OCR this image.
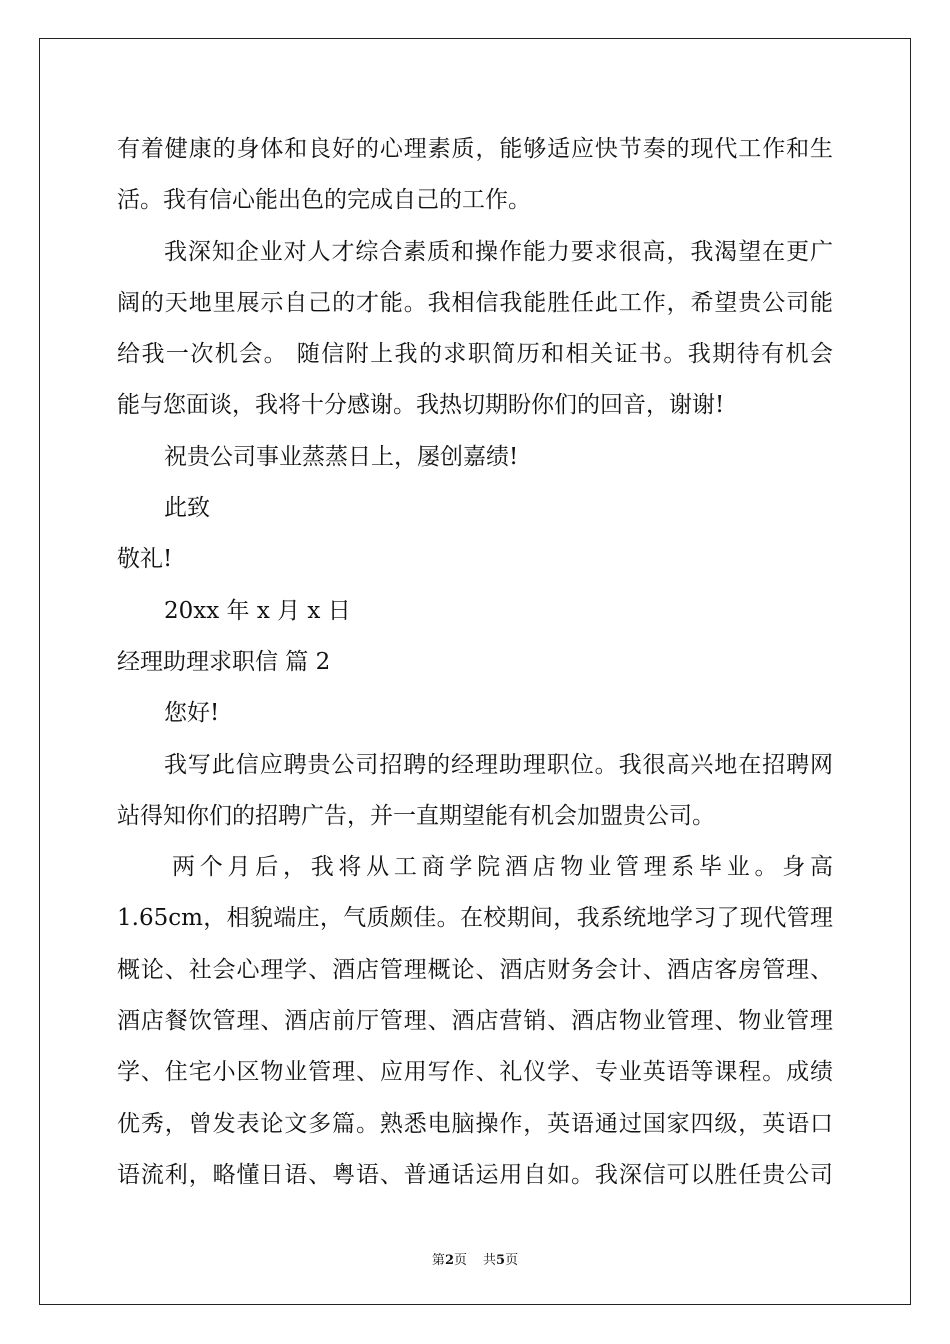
有着健康的身体和良好的心理素质，能够适应快节奏的现代工作和生
活。我有信心能出色的完成自己的工作。
我深知企业对人才综合素质和操作能力要求很高，我渴望在更广
阔的天地里展示自己的才能。我相信我能胜任此工作，希望贵公司能
给我一次机会。 随信附上我的求职简历和相关证书。我期待有机会
能与您面谈，我将十分感谢。我热切期盼你们的回音，谢谢!
祝贵公司事业蒸蒸日上，屡创嘉绩!
此致
敬礼!
20xx 年 x 月 x 日
经理助理求职信 篇 2
您好!
我写此信应聘贵公司招聘的经理助理职位。我很高兴地在招聘网
站得知你们的招聘广告，并一直期望能有机会加盟贵公司。
两个月后，我将从工商学院酒店物业管理系毕业。身高
1.65cm，相貌端庄，气质颇佳。在校期间，我系统地学习了现代管理
概论、社会心理学、酒店管理概论、酒店财务会计、酒店客房管理、
酒店餐饮管理、酒店前厅管理、酒店营销、酒店物业管理、物业管理
学、住宅小区物业管理、应用写作、礼仪学、专业英语等课程。成绩
优秀，曾发表论文多篇。熟悉电脑操作，英语通过国家四级，英语口
语流利，略懂日语、粤语、普通话运用自如。我深信可以胜任贵公司
第2页 共5页
